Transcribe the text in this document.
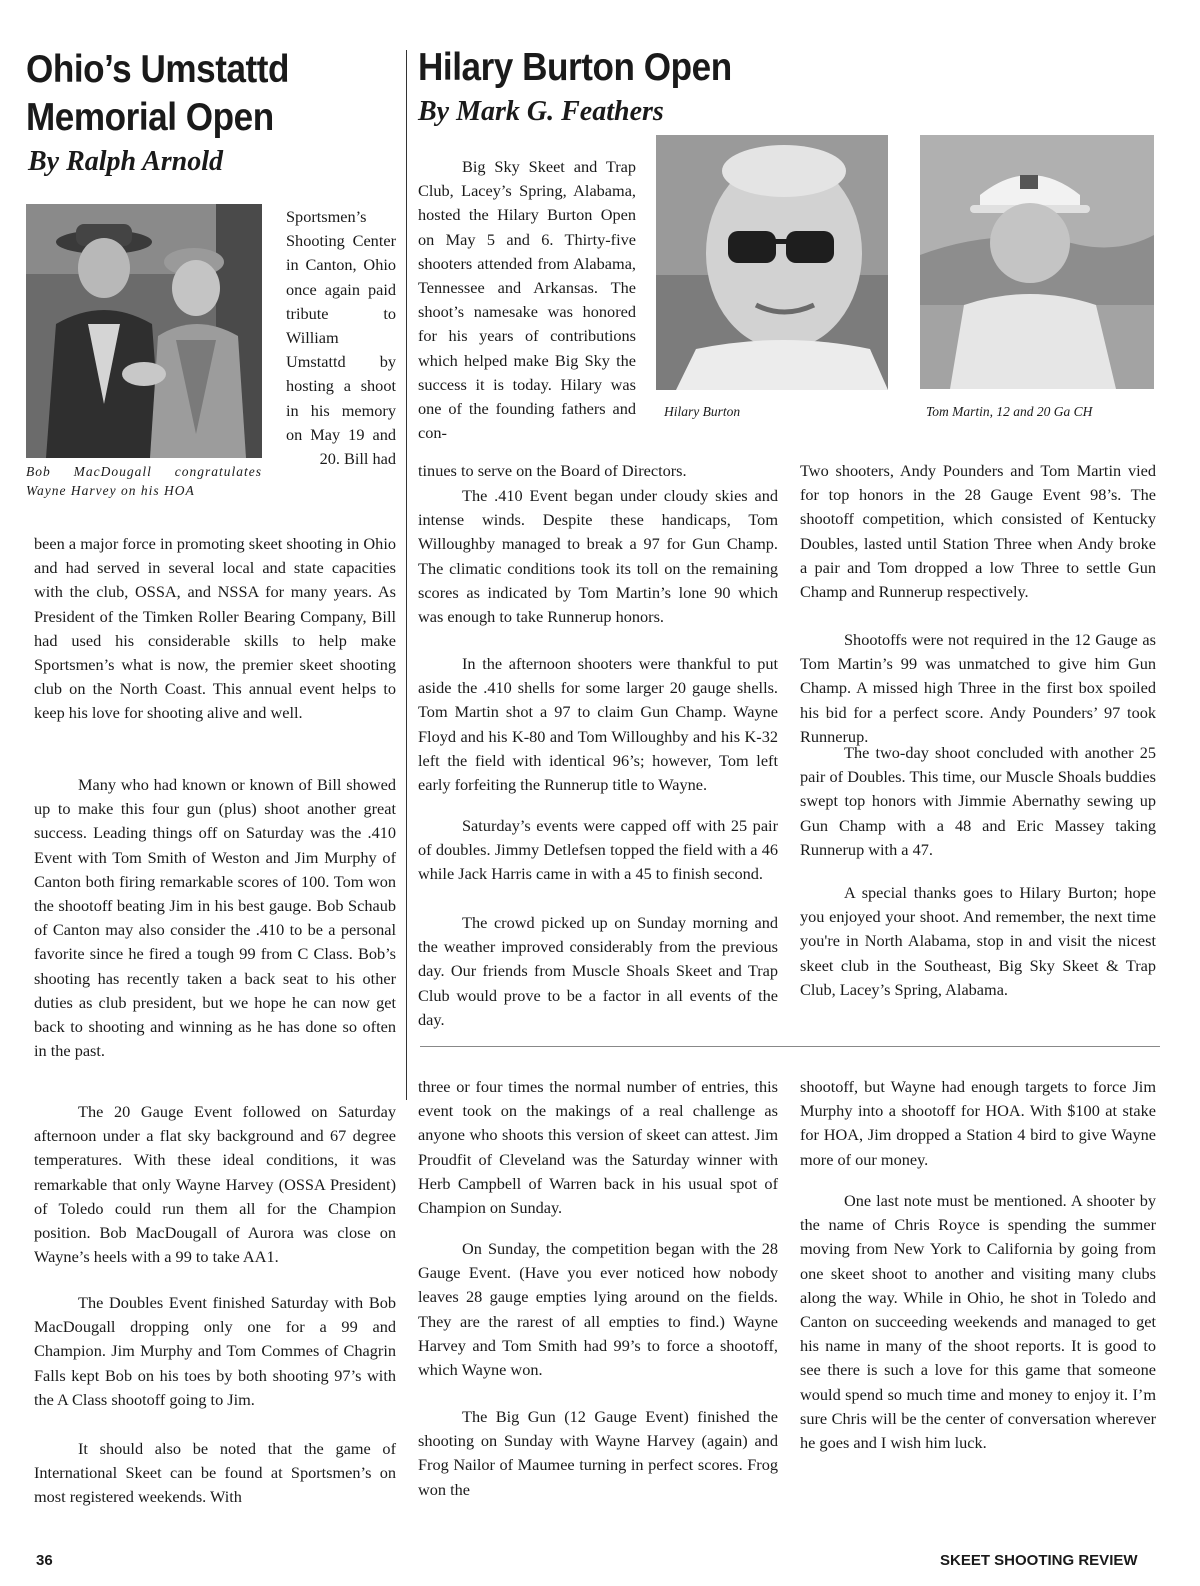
Ohio’s Umstattd
Memorial Open

By Ralph Arnold

Bob MacDougall congratulates Wayne Harvey on his HOA

Sportsmen’s Shooting Center in Canton, Ohio once again paid tribute to William Umstattd by hosting a shoot in his memory on May 19 and 20. Bill had

been a major force in promoting skeet shooting in Ohio and had served in several local and state capacities with the club, OSSA, and NSSA for many years. As President of the Timken Roller Bearing Company, Bill had used his considerable skills to help make Sportsmen’s what is now, the premier skeet shooting club on the North Coast. This annual event helps to keep his love for shooting alive and well.

Many who had known or known of Bill showed up to make this four gun (plus) shoot another great success. Leading things off on Saturday was the .410 Event with Tom Smith of Weston and Jim Murphy of Canton both firing remarkable scores of 100. Tom won the shootoff beating Jim in his best gauge. Bob Schaub of Canton may also consider the .410 to be a personal favorite since he fired a tough 99 from C Class. Bob’s shooting has recently taken a back seat to his other duties as club president, but we hope he can now get back to shooting and winning as he has done so often in the past.

The 20 Gauge Event followed on Saturday afternoon under a flat sky background and 67 degree temperatures. With these ideal conditions, it was remarkable that only Wayne Harvey (OSSA President) of Toledo could run them all for the Champion position. Bob MacDougall of Aurora was close on Wayne’s heels with a 99 to take AA1.

The Doubles Event finished Saturday with Bob MacDougall dropping only one for a 99 and Champion. Jim Murphy and Tom Commes of Chagrin Falls kept Bob on his toes by both shooting 97’s with the A Class shootoff going to Jim.

It should also be noted that the game of International Skeet can be found at Sportsmen’s on most registered weekends. With

Hilary Burton Open

By Mark G. Feathers

Hilary Burton	Tom Martin, 12 and 20 Ga CH

Big Sky Skeet and Trap Club, Lacey’s Spring, Alabama, hosted the Hilary Burton Open on May 5 and 6. Thirty-five shooters attended from Alabama, Tennessee and Arkansas. The shoot’s namesake was honored for his years of contributions which helped make Big Sky the success it is today. Hilary was one of the founding fathers and con-

tinues to serve on the Board of Directors.

The .410 Event began under cloudy skies and intense winds. Despite these handicaps, Tom Willoughby managed to break a 97 for Gun Champ. The climatic conditions took its toll on the remaining scores as indicated by Tom Martin’s lone 90 which was enough to take Runnerup honors.

In the afternoon shooters were thankful to put aside the .410 shells for some larger 20 gauge shells. Tom Martin shot a 97 to claim Gun Champ. Wayne Floyd and his K-80 and Tom Willoughby and his K-32 left the field with identical 96’s; however, Tom left early forfeiting the Runnerup title to Wayne.

Saturday’s events were capped off with 25 pair of doubles. Jimmy Detlefsen topped the field with a 46 while Jack Harris came in with a 45 to finish second.

The crowd picked up on Sunday morning and the weather improved considerably from the previous day. Our friends from Muscle Shoals Skeet and Trap Club would prove to be a factor in all events of the day.

Two shooters, Andy Pounders and Tom Martin vied for top honors in the 28 Gauge Event 98’s. The shootoff competition, which consisted of Kentucky Doubles, lasted until Station Three when Andy broke a pair and Tom dropped a low Three to settle Gun Champ and Runnerup respectively.

Shootoffs were not required in the 12 Gauge as Tom Martin’s 99 was unmatched to give him Gun Champ. A missed high Three in the first box spoiled his bid for a perfect score. Andy Pounders’ 97 took Runnerup.

The two-day shoot concluded with another 25 pair of Doubles. This time, our Muscle Shoals buddies swept top honors with Jimmie Abernathy sewing up Gun Champ with a 48 and Eric Massey taking Runnerup with a 47.

A special thanks goes to Hilary Burton; hope you enjoyed your shoot. And remember, the next time you're in North Alabama, stop in and visit the nicest skeet club in the Southeast, Big Sky Skeet & Trap Club, Lacey’s Spring, Alabama.

three or four times the normal number of entries, this event took on the makings of a real challenge as anyone who shoots this version of skeet can attest. Jim Proudfit of Cleveland was the Saturday winner with Herb Campbell of Warren back in his usual spot of Champion on Sunday.

On Sunday, the competition began with the 28 Gauge Event. (Have you ever noticed how nobody leaves 28 gauge empties lying around on the fields. They are the rarest of all empties to find.) Wayne Harvey and Tom Smith had 99’s to force a shootoff, which Wayne won.

The Big Gun (12 Gauge Event) finished the shooting on Sunday with Wayne Harvey (again) and Frog Nailor of Maumee turning in perfect scores. Frog won the

shootoff, but Wayne had enough targets to force Jim Murphy into a shootoff for HOA. With $100 at stake for HOA, Jim dropped a Station 4 bird to give Wayne more of our money.

One last note must be mentioned. A shooter by the name of Chris Royce is spending the summer moving from New York to California by going from one skeet shoot to another and visiting many clubs along the way. While in Ohio, he shot in Toledo and Canton on succeeding weekends and managed to get his name in many of the shoot reports. It is good to see there is such a love for this game that someone would spend so much time and money to enjoy it. I’m sure Chris will be the center of conversation wherever he goes and I wish him luck.

36	SKEET SHOOTING REVIEW
